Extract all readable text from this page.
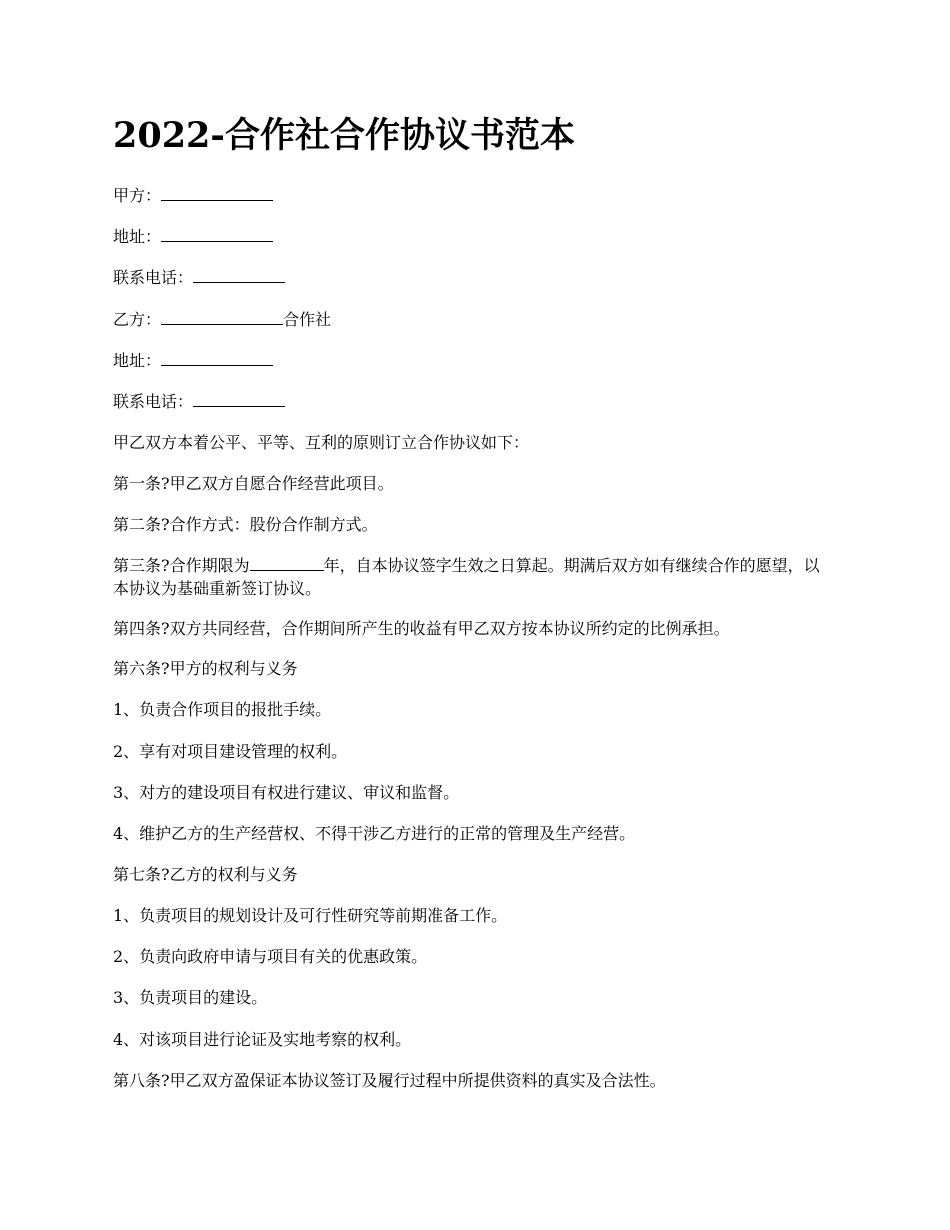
2022-合作社合作协议书范本

甲方：

地址：

联系电话：

乙方：	合作社

地址：

联系电话：

甲乙双方本着公平、平等、互利的原则订立合作协议如下：

第一条?甲乙双方自愿合作经营此项目。

第二条?合作方式：股份合作制方式。

第三条?合作期限为	年，自本协议签字生效之日算起。期满后双方如有继续合作的愿望，以本协议为基础重新签订协议。

第四条?双方共同经营，合作期间所产生的收益有甲乙双方按本协议所约定的比例承担。

第六条?甲方的权利与义务

1、负责合作项目的报批手续。

2、享有对项目建设管理的权利。

3、对方的建设项目有权进行建议、审议和监督。

4、维护乙方的生产经营权、不得干涉乙方进行的正常的管理及生产经营。

第七条?乙方的权利与义务

1、负责项目的规划设计及可行性研究等前期准备工作。

2、负责向政府申请与项目有关的优惠政策。

3、负责项目的建设。

4、对该项目进行论证及实地考察的权利。

第八条?甲乙双方盈保证本协议签订及履行过程中所提供资料的真实及合法性。
